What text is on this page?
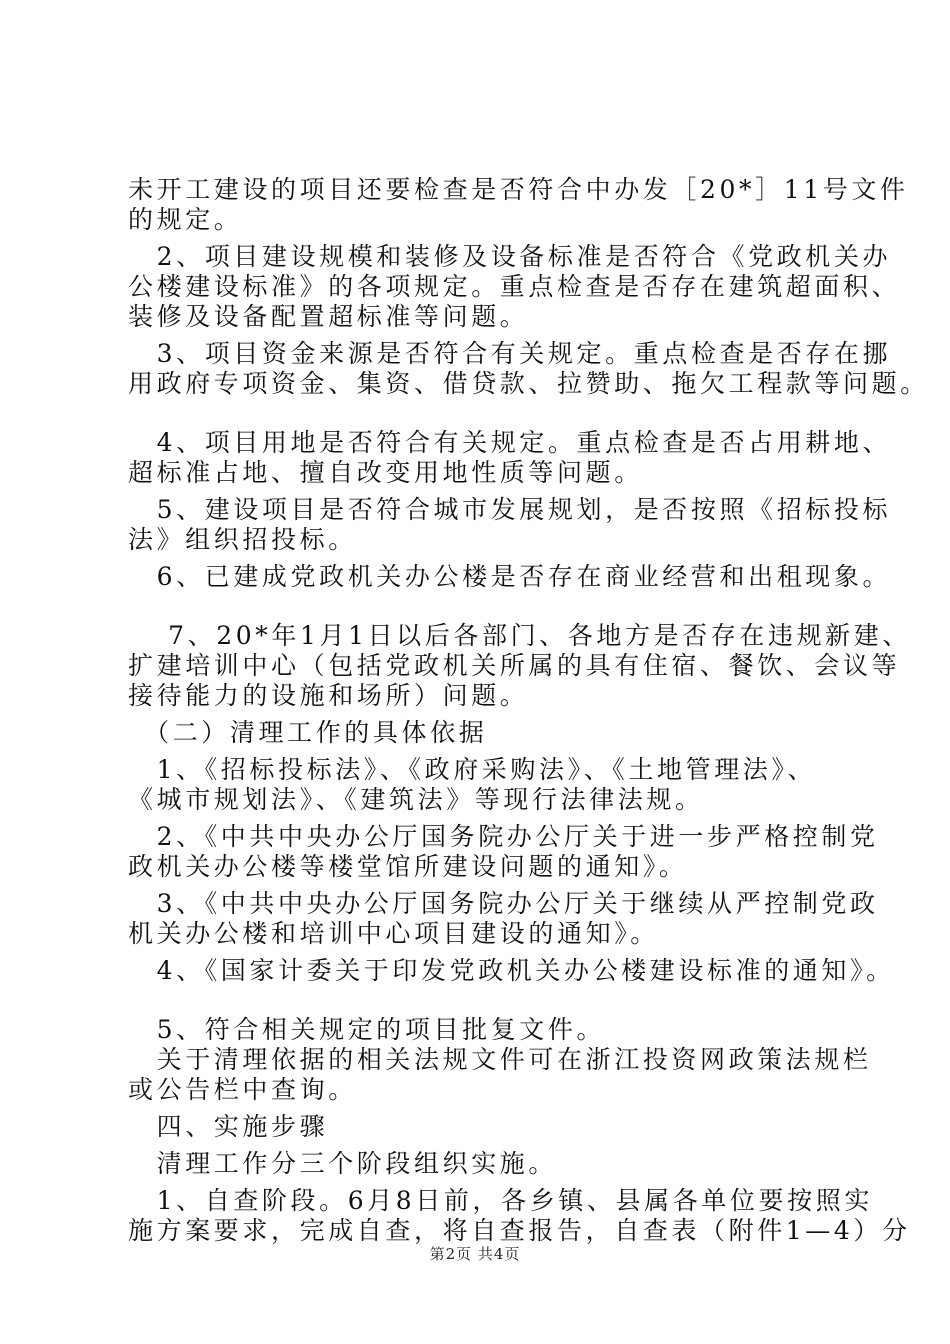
未开工建设的项目还要检查是否符合中办发［20*］11号文件
的规定。
　2、项目建设规模和装修及设备标准是否符合《党政机关办
公楼建设标准》的各项规定。重点检查是否存在建筑超面积、
装修及设备配置超标准等问题。
　3、项目资金来源是否符合有关规定。重点检查是否存在挪
用政府专项资金、集资、借贷款、拉赞助、拖欠工程款等问题。
　4、项目用地是否符合有关规定。重点检查是否占用耕地、
超标准占地、擅自改变用地性质等问题。
　5、建设项目是否符合城市发展规划，是否按照《招标投标
法》组织招投标。
　6、已建成党政机关办公楼是否存在商业经营和出租现象。
　 7、20*年1月1日以后各部门、各地方是否存在违规新建、
扩建培训中心（包括党政机关所属的具有住宿、餐饮、会议等
接待能力的设施和场所）问题。
　（二）清理工作的具体依据
　1、《招标投标法》、《政府采购法》、《土地管理法》、
《城市规划法》、《建筑法》等现行法律法规。
　2、《中共中央办公厅国务院办公厅关于进一步严格控制党
政机关办公楼等楼堂馆所建设问题的通知》。
　3、《中共中央办公厅国务院办公厅关于继续从严控制党政
机关办公楼和培训中心项目建设的通知》。
　4、《国家计委关于印发党政机关办公楼建设标准的通知》。
　5、符合相关规定的项目批复文件。
　关于清理依据的相关法规文件可在浙江投资网政策法规栏
或公告栏中查询。
　四、实施步骤
　清理工作分三个阶段组织实施。
　1、自查阶段。6月8日前，各乡镇、县属各单位要按照实
施方案要求，完成自查，将自查报告，自查表（附件1—4）分
第2页 共4页
